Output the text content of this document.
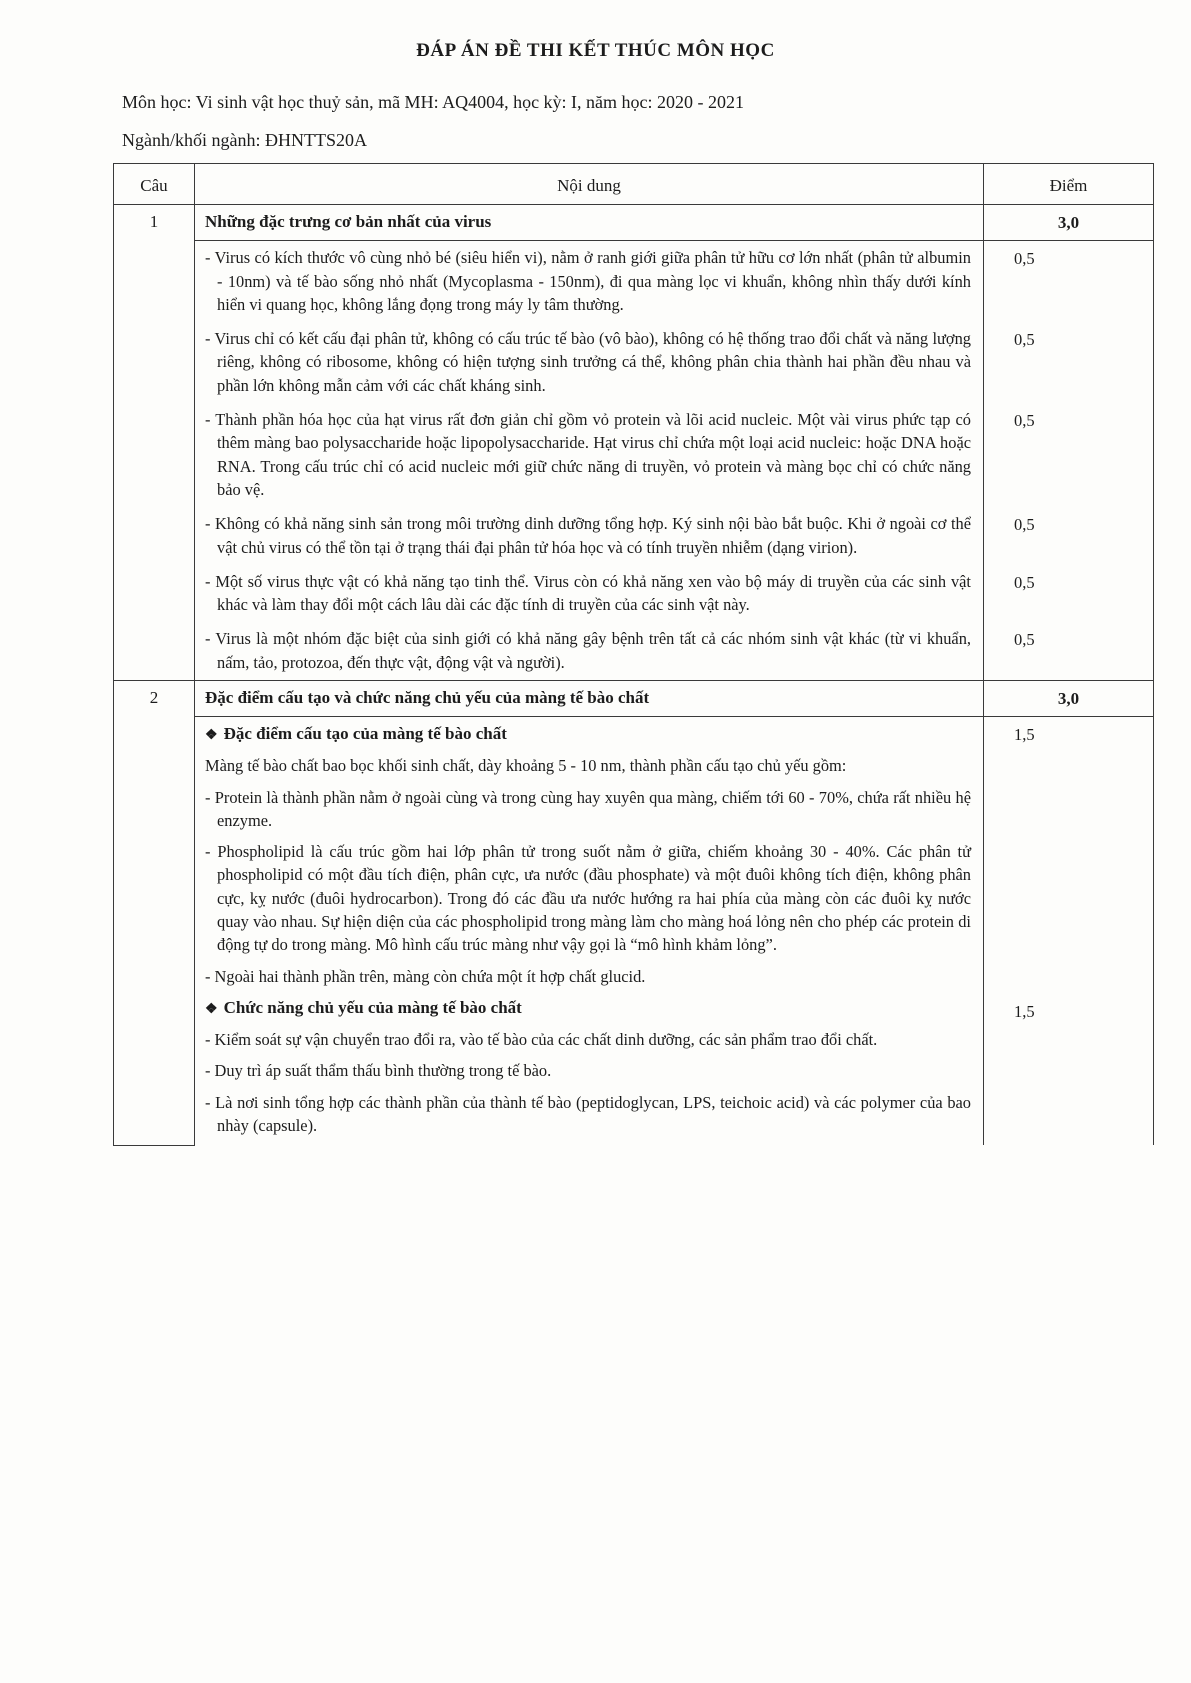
ĐÁP ÁN ĐỀ THI KẾT THÚC MÔN HỌC
Môn học: Vi sinh vật học thuỷ sản, mã MH: AQ4004, học kỳ: I, năm học: 2020 - 2021
Ngành/khối ngành: ĐHNTTS20A
Câu	Nội dung	Điểm
1	Những đặc trưng cơ bản nhất của virus	3,0

	- Virus có kích thước vô cùng nhỏ bé (siêu hiển vi), nằm ở ranh giới giữa phân tử hữu cơ lớn nhất (phân tử albumin - 10nm) và tế bào sống nhỏ nhất (Mycoplasma - 150nm), đi qua màng lọc vi khuẩn, không nhìn thấy dưới kính hiển vi quang học, không lắng đọng trong máy ly tâm thường.	0,5

	- Virus chỉ có kết cấu đại phân tử, không có cấu trúc tế bào (vô bào), không có hệ thống trao đổi chất và năng lượng riêng, không có ribosome, không có hiện tượng sinh trưởng cá thể, không phân chia thành hai phần đều nhau và phần lớn không mẫn cảm với các chất kháng sinh.	0,5

	- Thành phần hóa học của hạt virus rất đơn giản chỉ gồm vỏ protein và lõi acid nucleic. Một vài virus phức tạp có thêm màng bao polysaccharide hoặc lipopolysaccharide. Hạt virus chỉ chứa một loại acid nucleic: hoặc DNA hoặc RNA. Trong cấu trúc chỉ có acid nucleic mới giữ chức năng di truyền, vỏ protein và màng bọc chỉ có chức năng bảo vệ.	0,5

	- Không có khả năng sinh sản trong môi trường dinh dưỡng tổng hợp. Ký sinh nội bào bắt buộc. Khi ở ngoài cơ thể vật chủ virus có thể tồn tại ở trạng thái đại phân tử hóa học và có tính truyền nhiễm (dạng virion).	0,5

	- Một số virus thực vật có khả năng tạo tinh thể. Virus còn có khả năng xen vào bộ máy di truyền của các sinh vật khác và làm thay đổi một cách lâu dài các đặc tính di truyền của các sinh vật này.	0,5

	- Virus là một nhóm đặc biệt của sinh giới có khả năng gây bệnh trên tất cả các nhóm sinh vật khác (từ vi khuẩn, nấm, tảo, protozoa, đến thực vật, động vật và người).	0,5
2	Đặc điểm cấu tạo và chức năng chủ yếu của màng tế bào chất	3,0

	❖ Đặc điểm cấu tạo của màng tế bào chất
Màng tế bào chất bao bọc khối sinh chất, dày khoảng 5 - 10 nm, thành phần cấu tạo chủ yếu gồm:
- Protein là thành phần nằm ở ngoài cùng và trong cùng hay xuyên qua màng, chiếm tới 60 - 70%, chứa rất nhiều hệ enzyme.
- Phospholipid là cấu trúc gồm hai lớp phân tử trong suốt nằm ở giữa, chiếm khoảng 30 - 40%. Các phân tử phospholipid có một đầu tích điện, phân cực, ưa nước (đầu phosphate) và một đuôi không tích điện, không phân cực, kỵ nước (đuôi hydrocarbon). Trong đó các đầu ưa nước hướng ra hai phía của màng còn các đuôi kỵ nước quay vào nhau. Sự hiện diện của các phospholipid trong màng làm cho màng hoá lỏng nên cho phép các protein di động tự do trong màng. Mô hình cấu trúc màng như vậy gọi là “mô hình khảm lỏng”.
- Ngoài hai thành phần trên, màng còn chứa một ít hợp chất glucid.	1,5

	❖ Chức năng chủ yếu của màng tế bào chất
- Kiểm soát sự vận chuyển trao đổi ra, vào tế bào của các chất dinh dưỡng, các sản phẩm trao đổi chất.
- Duy trì áp suất thẩm thấu bình thường trong tế bào.
- Là nơi sinh tổng hợp các thành phần của thành tế bào (peptidoglycan, LPS, teichoic acid) và các polymer của bao nhày (capsule).	1,5
